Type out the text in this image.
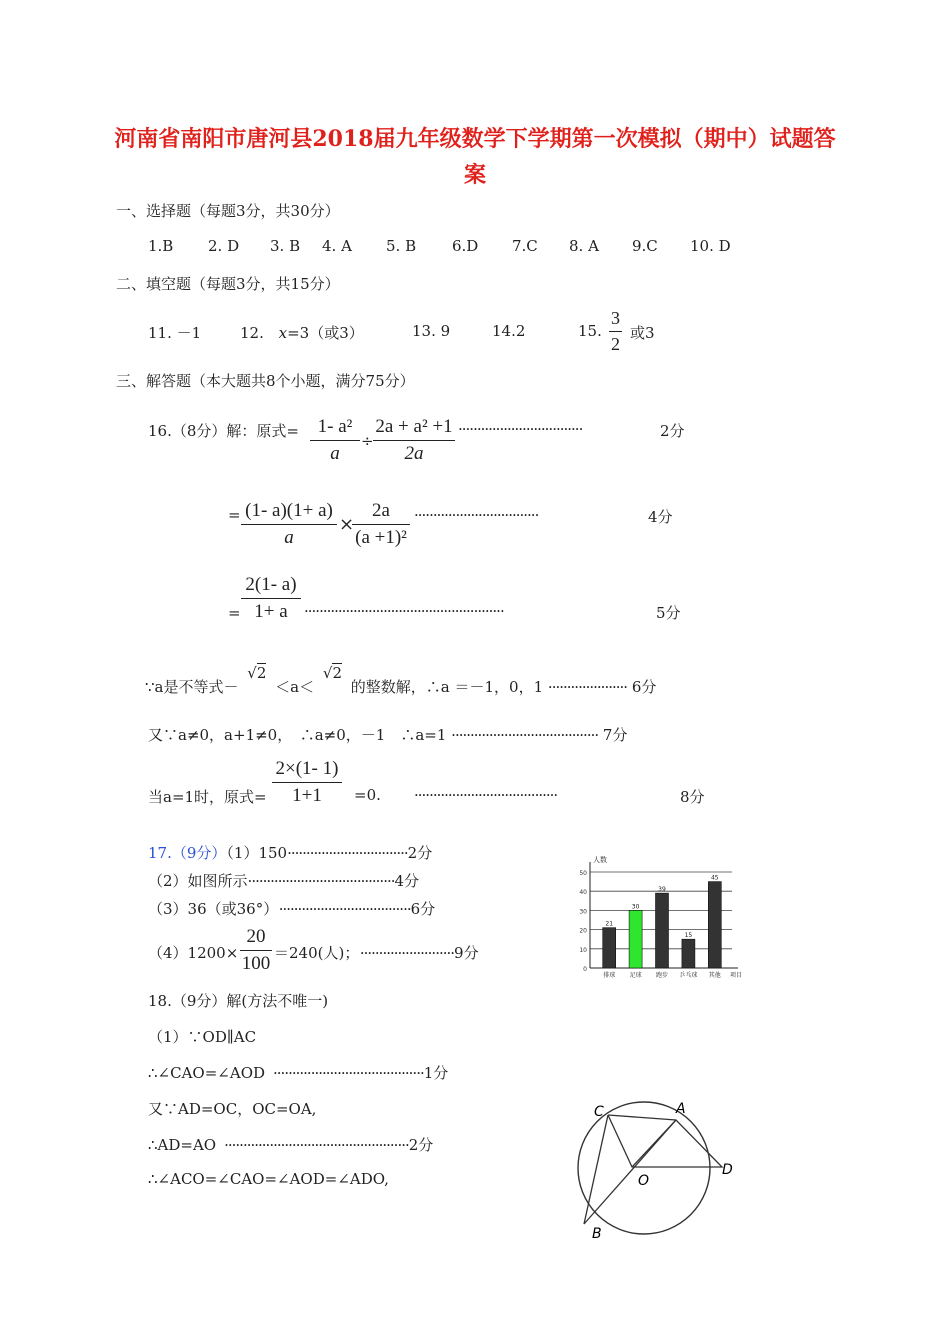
河南省南阳市唐河县2018届九年级数学下学期第一次模拟（期中）试题答
案
一、选择题（每题3分，共30分）
1.B	2. D	3. B	4. A	5. B	6.D	7.C	8. A	9.C	10. D
二、填空题（每题3分，共15分）
11. －1	12. x=3（或3）	13. 9	14.2	15.
3
2
或3
三、解答题（本大题共8个小题，满分75分）
16.（8分）解：原式= 1- a²
a
÷
2a + a² +1
2a
·································	2分
= (1- a)(1+ a)
a
×
2a
(a +1)²
·································	4分
=
2(1- a)
1+ a ·····················································	5分
∵a是不等式－ √2 ＜a＜ √2 的整数解，∴a ＝－1，0，1 ····················· 6分
又∵a≠0，a+1≠0，　∴a≠0，－1　∴a=1 ······································· 7分
当a=1时，原式=
2×(1- 1)
1+1 =0. ······································	8分
17.（9分）（1）150································2分
（2）如图所示·······································4分
（3）36（或36°） ···································6分
（4）1200×
20
100 ＝240(人)； ·························9分
0
10
20
30
40
50
人数
项目
21
排球
30
足球
39
跑步
15
乒乓球
45
其他
18.（9分）解(方法不唯一)
（1）∵OD∥AC
∴∠CAO=∠AOD ········································1分
又∵AD=OC，OC=OA,
∴AD=AO ·················································2分
∴∠ACO=∠CAO=∠AOD=∠ADO,
C	A
O
D
B
